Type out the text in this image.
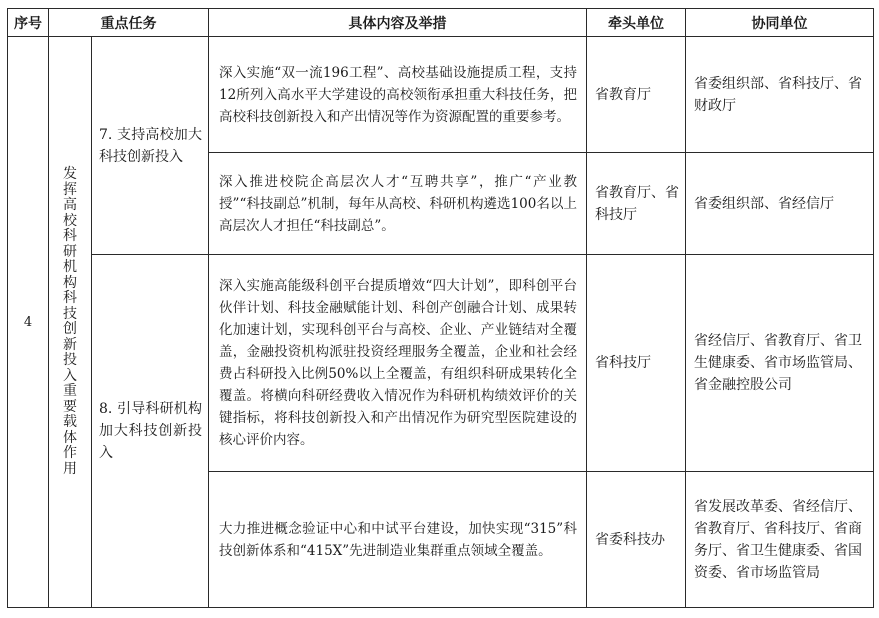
序号	重点任务		具体内容及举措	牵头单位	协同单位
4	发挥高校科研机构科技创新投入重要载体作用	7. 支持高校加大科技创新投入	深入实施“双一流196工程”、高校基础设施提质工程，支持12所列入高水平大学建设的高校领衔承担重大科技任务，把高校科技创新投入和产出情况等作为资源配置的重要参考。	省教育厅	省委组织部、省科技厅、省财政厅
			深入推进校院企高层次人才“互聘共享”，推广“产业教授”“科技副总”机制，每年从高校、科研机构遴选100名以上高层次人才担任“科技副总”。	省教育厅、省科技厅	省委组织部、省经信厅
		8. 引导科研机构加大科技创新投入	深入实施高能级科创平台提质增效“四大计划”，即科创平台伙伴计划、科技金融赋能计划、科创产创融合计划、成果转化加速计划，实现科创平台与高校、企业、产业链结对全覆盖，金融投资机构派驻投资经理服务全覆盖，企业和社会经费占科研投入比例50%以上全覆盖，有组织科研成果转化全覆盖。将横向科研经费收入情况作为科研机构绩效评价的关键指标，将科技创新投入和产出情况作为研究型医院建设的核心评价内容。	省科技厅	省经信厅、省教育厅、省卫生健康委、省市场监管局、省金融控股公司
			大力推进概念验证中心和中试平台建设，加快实现“315”科技创新体系和“415X”先进制造业集群重点领域全覆盖。	省委科技办	省发展改革委、省经信厅、省教育厅、省科技厅、省商务厅、省卫生健康委、省国资委、省市场监管局
